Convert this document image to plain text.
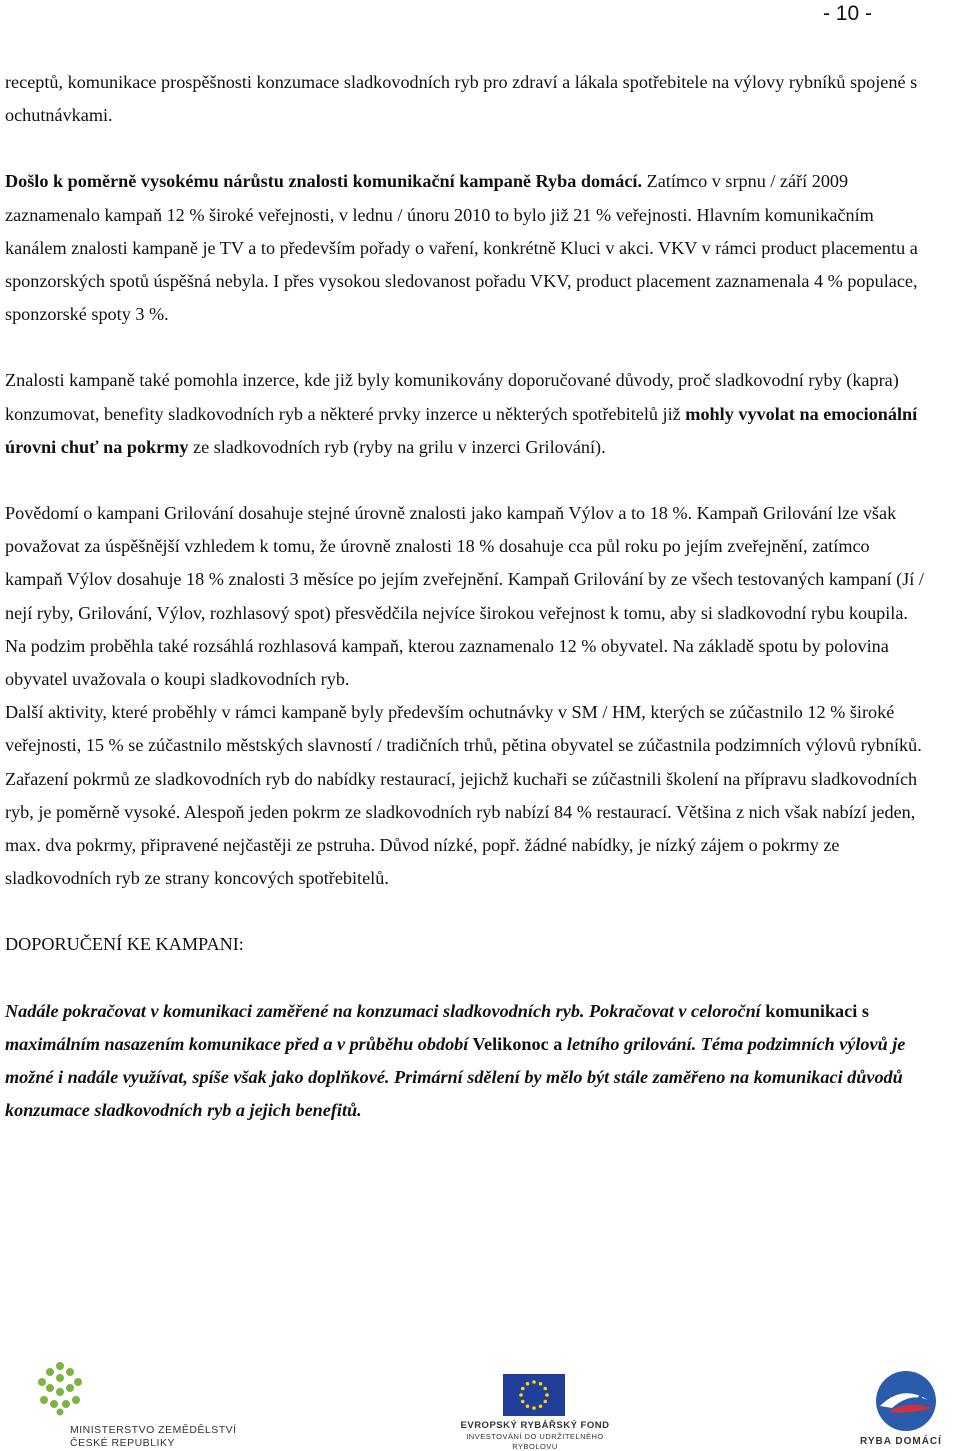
- 10 -

receptů, komunikace prospěšnosti konzumace sladkovodních ryb pro zdraví a lákala spotřebitele na výlovy rybníků spojené s ochutnávkami.

Došlo k poměrně vysokému nárůstu znalosti komunikační kampaně Ryba domácí. Zatímco v srpnu / září 2009 zaznamenalo kampaň 12 % široké veřejnosti, v lednu / únoru 2010 to bylo již 21 % veřejnosti. Hlavním komunikačním kanálem znalosti kampaně je TV a to především pořady o vaření, konkrétně Kluci v akci. VKV v rámci product placementu a sponzorských spotů úspěšná nebyla. I přes vysokou sledovanost pořadu VKV, product placement zaznamenala 4 % populace, sponzorské spoty 3 %.

Znalosti kampaně také pomohla inzerce, kde již byly komunikovány doporučované důvody, proč sladkovodní ryby (kapra) konzumovat, benefity sladkovodních ryb a některé prvky inzerce u některých spotřebitelů již mohly vyvolat na emocionální úrovni chuť na pokrmy ze sladkovodních ryb (ryby na grilu v inzerci Grilování).

Povědomí o kampani Grilování dosahuje stejné úrovně znalosti jako kampaň Výlov a to 18 %. Kampaň Grilování lze však považovat za úspěšnější vzhledem k tomu, že úrovně znalosti 18 % dosahuje cca půl roku po jejím zveřejnění, zatímco kampaň Výlov dosahuje 18 % znalosti 3 měsíce po jejím zveřejnění. Kampaň Grilování by ze všech testovaných kampaní (Jí / nejí ryby, Grilování, Výlov, rozhlasový spot) přesvědčila nejvíce širokou veřejnost k tomu, aby si sladkovodní rybu koupila.

Na podzim proběhla také rozsáhlá rozhlasová kampaň, kterou zaznamenalo 12 % obyvatel. Na základě spotu by polovina obyvatel uvažovala o koupi sladkovodních ryb.

Další aktivity, které proběhly v rámci kampaně byly především ochutnávky v SM / HM, kterých se zúčastnilo 12 % široké veřejnosti, 15 % se zúčastnilo městských slavností / tradičních trhů, pětina obyvatel se zúčastnila podzimních výlovů rybníků.

Zařazení pokrmů ze sladkovodních ryb do nabídky restaurací, jejichž kuchaři se zúčastnili školení na přípravu sladkovodních ryb, je poměrně vysoké. Alespoň jeden pokrm ze sladkovodních ryb nabízí 84 % restaurací. Většina z nich však nabízí jeden, max. dva pokrmy, připravené nejčastěji ze pstruha. Důvod nízké, popř. žádné nabídky, je nízký zájem o pokrmy ze sladkovodních ryb ze strany koncových spotřebitelů.

DOPORUČENÍ KE KAMPANI:

Nadále pokračovat v komunikaci zaměřené na konzumaci sladkovodních ryb. Pokračovat v celoroční komunikaci s maximálním nasazením komunikace před a v průběhu období Velikonoc a letního grilování. Téma podzimních výlovů je možné i nadále využívat, spíše však jako doplňkové. Primární sdělení by mělo být stále zaměřeno na komunikaci důvodů konzumace sladkovodních ryb a jejich benefitů.

MINISTERSTVO ZEMĚDĚLSTVÍ
ČESKÉ REPUBLIKY
EVROPSKÝ RYBÁŘSKÝ FOND
INVESTOVÁNÍ DO UDRŽITELNÉHO
RYBOLOVU	RYBA DOMÁCÍ
